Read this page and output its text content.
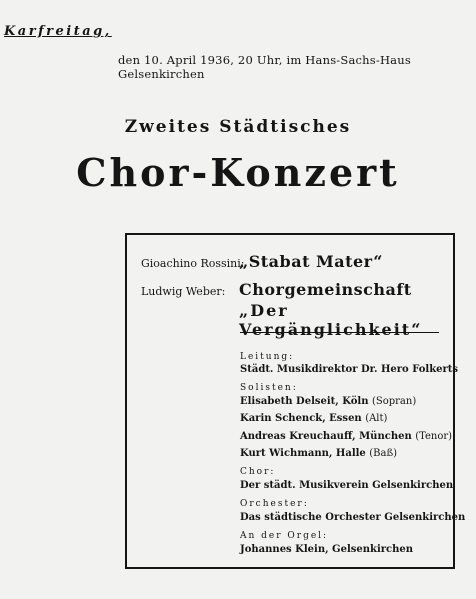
Karfreitag,
den 10. April 1936, 20 Uhr, im Hans-Sachs-Haus Gelsenkirchen
Zweites Städtisches
Chor-Konzert
Gioachino Rossini:
„Stabat Mater“
Ludwig Weber: Chorgemeinschaft
„Der Vergänglichkeit“
Leitung:
Städt. Musikdirektor Dr. Hero Folkerts
Solisten:
Elisabeth Delseit, Köln (Sopran)
Karin Schenck, Essen (Alt)
Andreas Kreuchauff, München (Tenor)
Kurt Wichmann, Halle (Baß)
Chor:
Der städt. Musikverein Gelsenkirchen
Orchester:
Das städtische Orchester Gelsenkirchen
An der Orgel:
Johannes Klein, Gelsenkirchen
